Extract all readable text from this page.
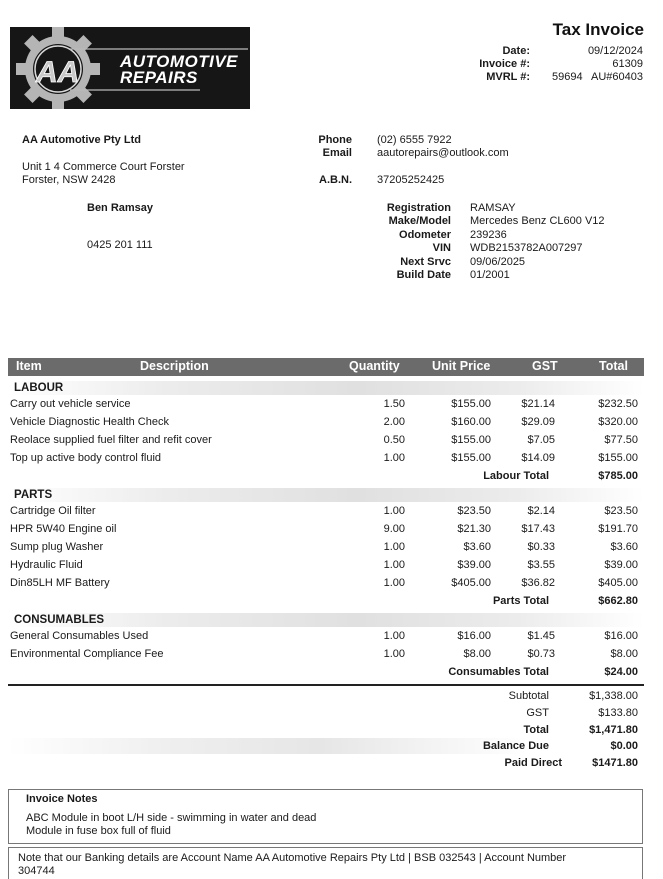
AA AUTOMOTIVE
REPAIRS
Tax Invoice
Date:	09/12/2024
Invoice #:	61309
MVRL #: 59694 AU#60403
AA Automotive Pty Ltd
Unit 1 4 Commerce Court Forster
Forster, NSW 2428
Phone (02) 6555 7922
Email aautorepairs@outlook.com
A.B.N. 37205252425
Ben Ramsay
0425 201 111
Registration RAMSAY
Make/Model Mercedes Benz CL600 V12
Odometer 239236
VIN WDB2153782A007297
Next Srvc 09/06/2025
Build Date 01/2001
Item	Description	Quantity	Unit Price	GST	Total
LABOUR
Carry out vehicle service	1.50	$155.00	$21.14	$232.50
Vehicle Diagnostic Health Check	2.00	$160.00	$29.09	$320.00
Reolace supplied fuel filter and refit cover	0.50	$155.00	$7.05	$77.50
Top up active body control fluid	1.00	$155.00	$14.09	$155.00
Labour Total	$785.00
PARTS
Cartridge Oil filter	1.00	$23.50	$2.14	$23.50
HPR 5W40 Engine oil	9.00	$21.30	$17.43	$191.70
Sump plug Washer	1.00	$3.60	$0.33	$3.60
Hydraulic Fluid	1.00	$39.00	$3.55	$39.00
Din85LH MF Battery	1.00	$405.00	$36.82	$405.00
Parts Total	$662.80
CONSUMABLES
General Consumables Used	1.00	$16.00	$1.45	$16.00
Environmental Compliance Fee	1.00	$8.00	$0.73	$8.00
Consumables Total	$24.00
Subtotal	$1,338.00
GST	$133.80
Total	$1,471.80
Balance Due	$0.00
Paid Direct	$1471.80
Invoice Notes
ABC Module in boot L/H side - swimming in water and dead
Module in fuse box full of fluid
Note that our Banking details are Account Name AA Automotive Repairs Pty Ltd | BSB 032543 | Account Number
304744
